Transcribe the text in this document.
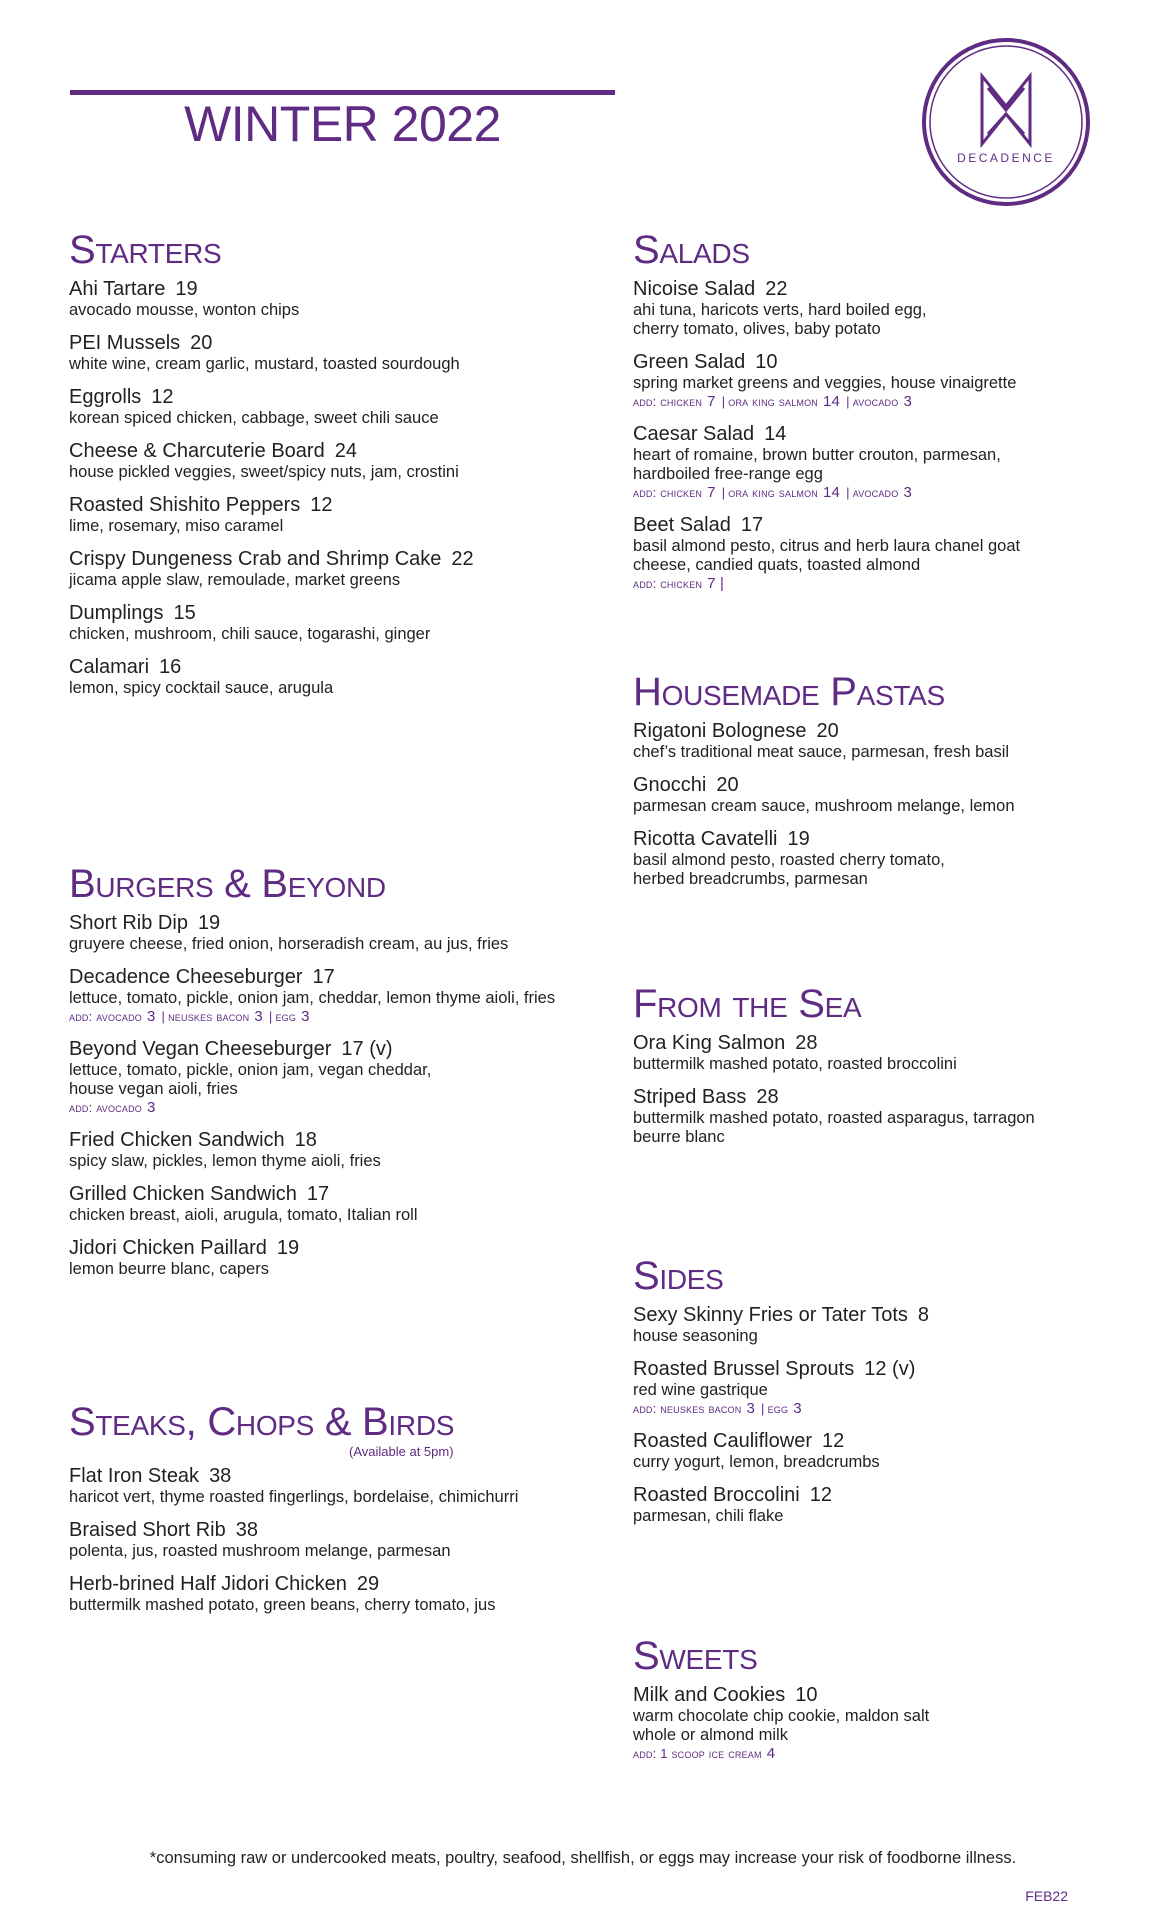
WINTER 2022
DECADENCE
Starters
Ahi Tartare 19
avocado mousse, wonton chips
PEI Mussels 20
white wine, cream garlic, mustard, toasted sourdough
Eggrolls 12
korean spiced chicken, cabbage, sweet chili sauce
Cheese & Charcuterie Board 24
house pickled veggies, sweet/spicy nuts, jam, crostini
Roasted Shishito Peppers 12
lime, rosemary, miso caramel
Crispy Dungeness Crab and Shrimp Cake 22
jicama apple slaw, remoulade, market greens
Dumplings 15
chicken, mushroom, chili sauce, togarashi, ginger
Calamari 16
lemon, spicy cocktail sauce, arugula
Burgers & Beyond
Short Rib Dip 19
gruyere cheese, fried onion, horseradish cream, au jus, fries
Decadence Cheeseburger 17
lettuce, tomato, pickle, onion jam, cheddar, lemon thyme aioli, fries
add: avocado 3 | neuskes bacon 3 | egg 3
Beyond Vegan Cheeseburger 17 (v)
lettuce, tomato, pickle, onion jam, vegan cheddar,
house vegan aioli, fries
add: avocado 3
Fried Chicken Sandwich 18
spicy slaw, pickles, lemon thyme aioli, fries
Grilled Chicken Sandwich 17
chicken breast, aioli, arugula, tomato, Italian roll
Jidori Chicken Paillard 19
lemon beurre blanc, capers
Steaks, Chops & Birds
(Available at 5pm)
Flat Iron Steak 38
haricot vert, thyme roasted fingerlings, bordelaise, chimichurri
Braised Short Rib 38
polenta, jus, roasted mushroom melange, parmesan
Herb-brined Half Jidori Chicken 29
buttermilk mashed potato, green beans, cherry tomato, jus
Salads
Nicoise Salad 22
ahi tuna, haricots verts, hard boiled egg,
cherry tomato, olives, baby potato
Green Salad 10
spring market greens and veggies, house vinaigrette
add: chicken 7 | ora king salmon 14 | avocado 3
Caesar Salad 14
heart of romaine, brown butter crouton, parmesan,
hardboiled free-range egg
add: chicken 7 | ora king salmon 14 | avocado 3
Beet Salad 17
basil almond pesto, citrus and herb laura chanel goat
cheese, candied quats, toasted almond
add: chicken 7 |
Housemade Pastas
Rigatoni Bolognese 20
chef’s traditional meat sauce, parmesan, fresh basil
Gnocchi 20
parmesan cream sauce, mushroom melange, lemon
Ricotta Cavatelli 19
basil almond pesto, roasted cherry tomato,
herbed breadcrumbs, parmesan
From the Sea
Ora King Salmon 28
buttermilk mashed potato, roasted broccolini
Striped Bass 28
buttermilk mashed potato, roasted asparagus, tarragon
beurre blanc
Sides
Sexy Skinny Fries or Tater Tots 8
house seasoning
Roasted Brussel Sprouts 12 (v)
red wine gastrique
add: neuskes bacon 3 | egg 3
Roasted Cauliflower 12
curry yogurt, lemon, breadcrumbs
Roasted Broccolini 12
parmesan, chili flake
Sweets
Milk and Cookies 10
warm chocolate chip cookie, maldon salt
whole or almond milk
add: 1 scoop ice cream 4
*consuming raw or undercooked meats, poultry, seafood, shellfish, or eggs may increase your risk of foodborne illness.
FEB22
